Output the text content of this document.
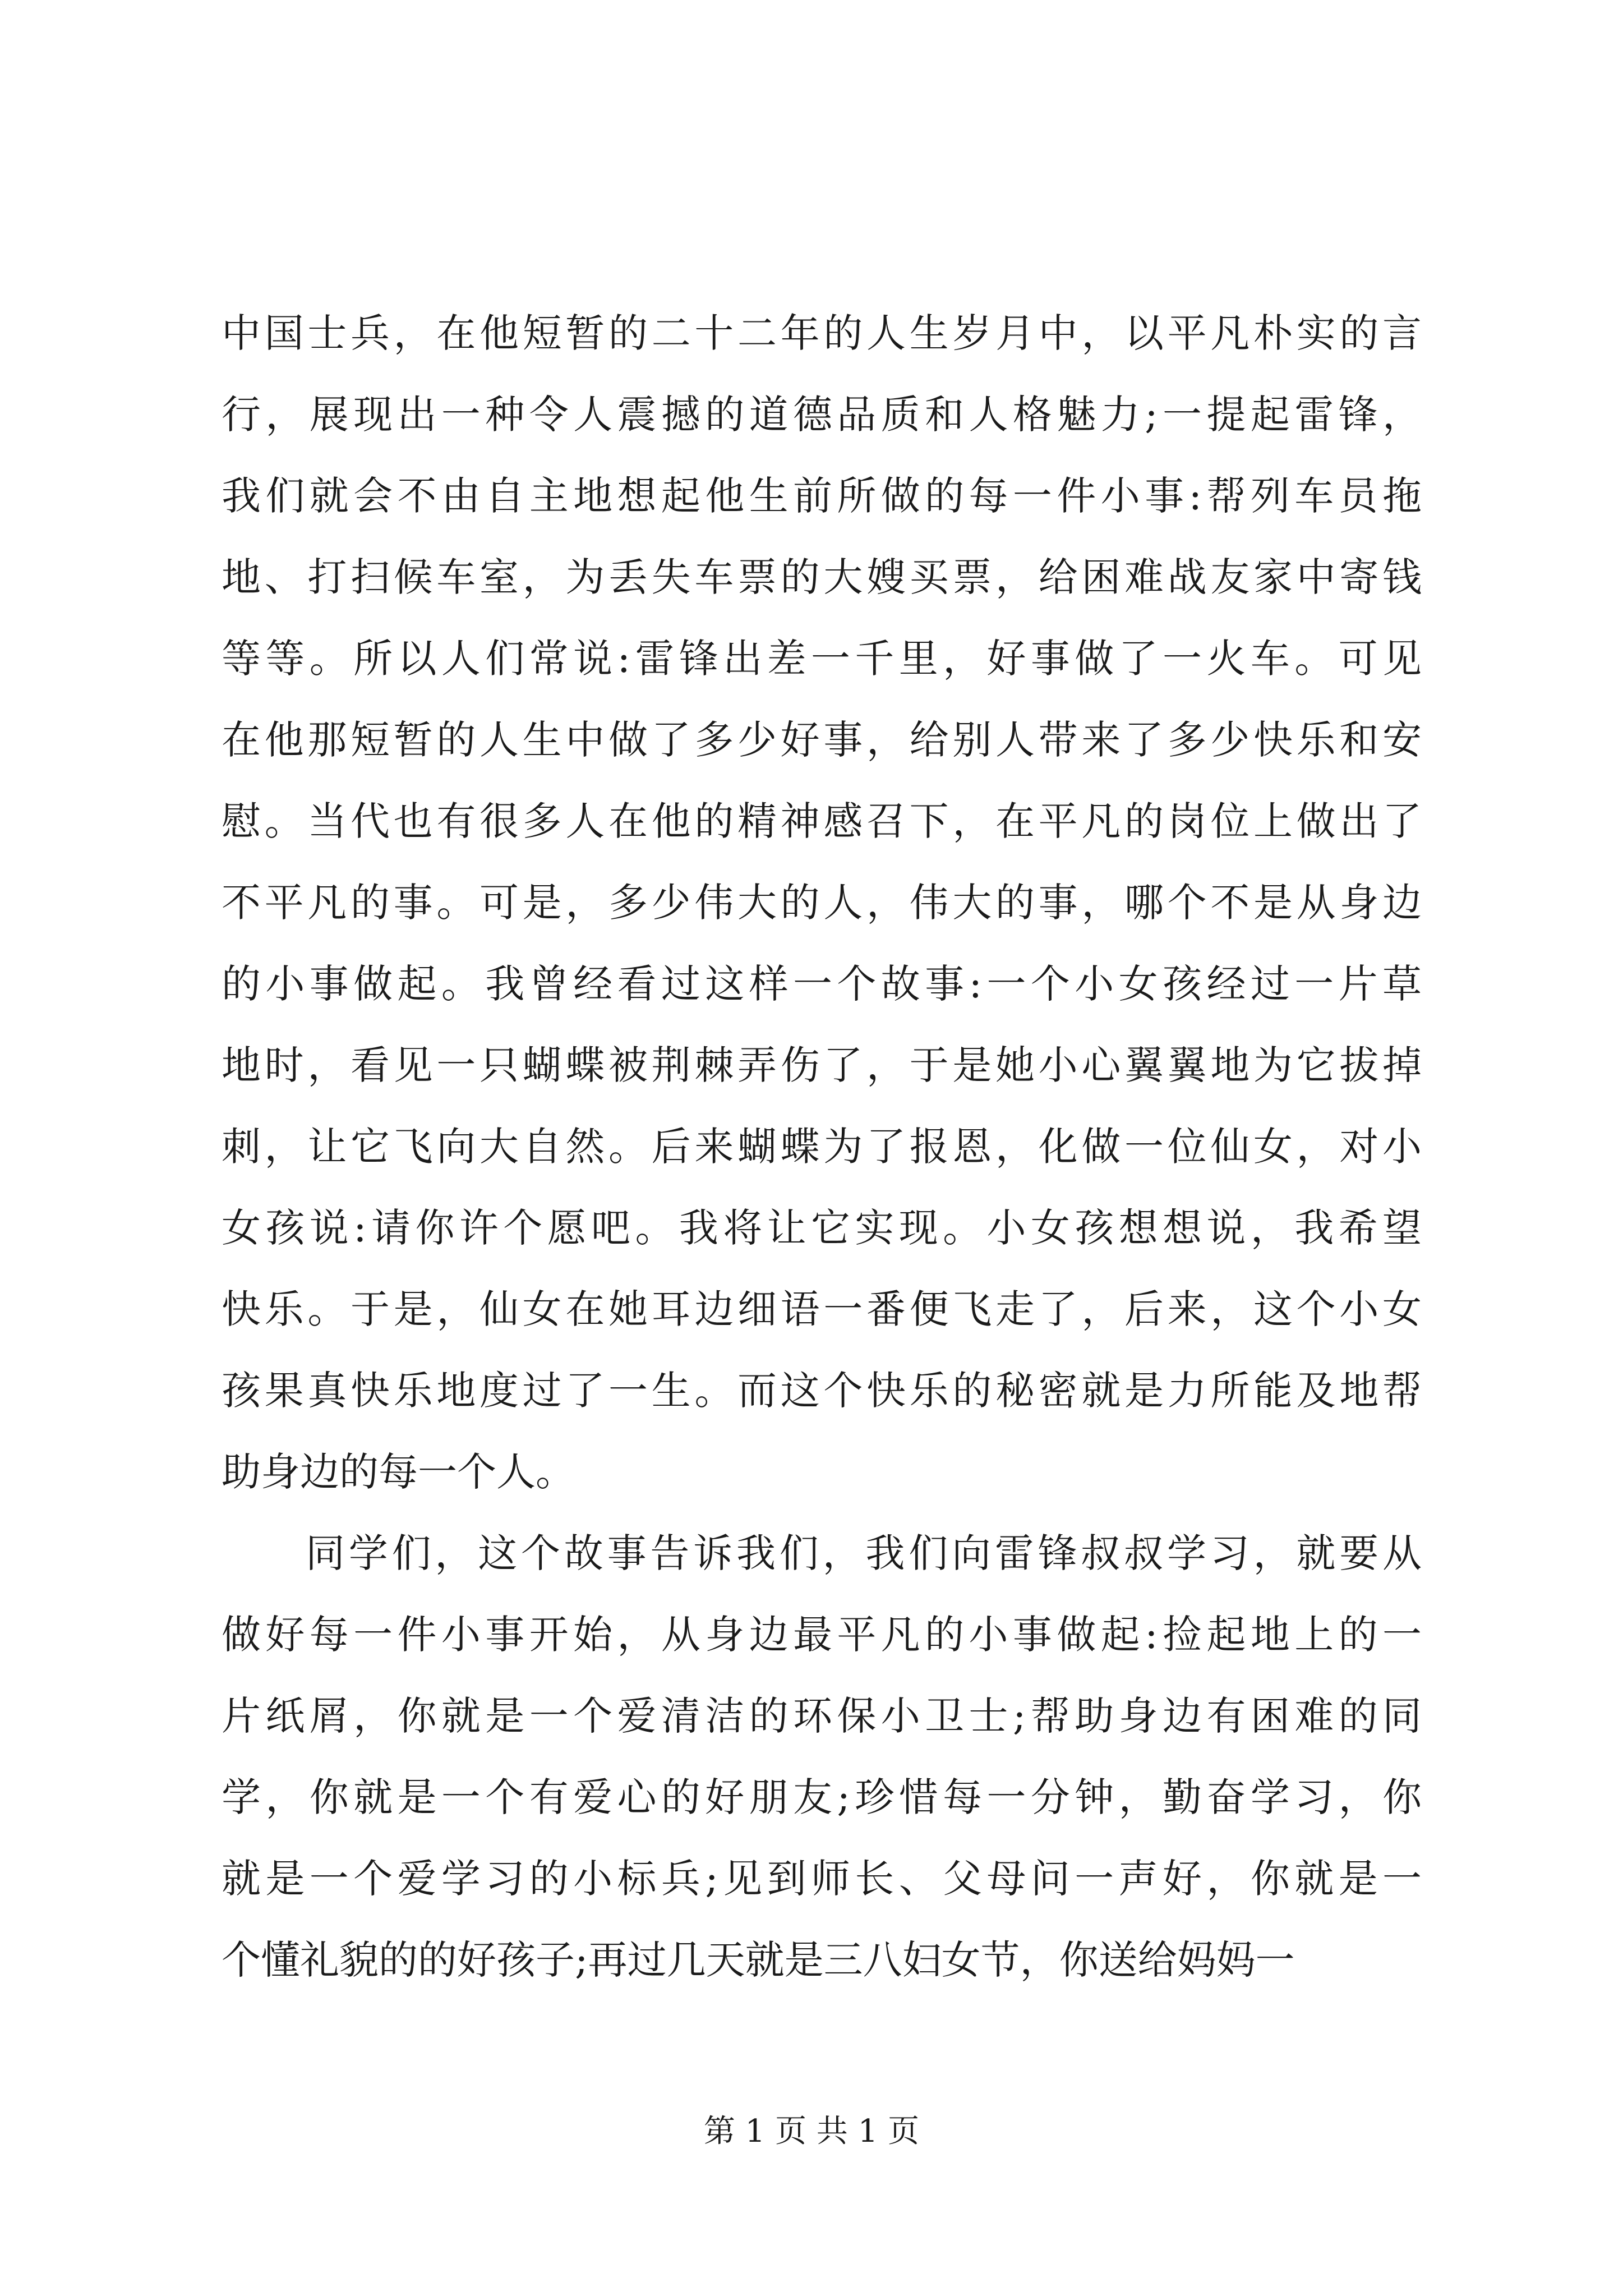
中国士兵，在他短暂的二十二年的人生岁月中，以平凡朴实的言
行，展现出一种令人震撼的道德品质和人格魅力;一提起雷锋，
我们就会不由自主地想起他生前所做的每一件小事:帮列车员拖
地、打扫候车室，为丢失车票的大嫂买票，给困难战友家中寄钱
等等。所以人们常说:雷锋出差一千里，好事做了一火车。可见
在他那短暂的人生中做了多少好事，给别人带来了多少快乐和安
慰。当代也有很多人在他的精神感召下，在平凡的岗位上做出了
不平凡的事。可是，多少伟大的人，伟大的事，哪个不是从身边
的小事做起。我曾经看过这样一个故事:一个小女孩经过一片草
地时，看见一只蝴蝶被荆棘弄伤了，于是她小心翼翼地为它拔掉
刺，让它飞向大自然。后来蝴蝶为了报恩，化做一位仙女，对小
女孩说:请你许个愿吧。我将让它实现。小女孩想想说，我希望
快乐。于是，仙女在她耳边细语一番便飞走了，后来，这个小女
孩果真快乐地度过了一生。而这个快乐的秘密就是力所能及地帮
助身边的每一个人。
同学们，这个故事告诉我们，我们向雷锋叔叔学习，就要从
做好每一件小事开始，从身边最平凡的小事做起:捡起地上的一
片纸屑，你就是一个爱清洁的环保小卫士;帮助身边有困难的同
学，你就是一个有爱心的好朋友;珍惜每一分钟，勤奋学习，你
就是一个爱学习的小标兵;见到师长、父母问一声好，你就是一
个懂礼貌的的好孩子;再过几天就是三八妇女节，你送给妈妈一
第 1 页 共 1 页
